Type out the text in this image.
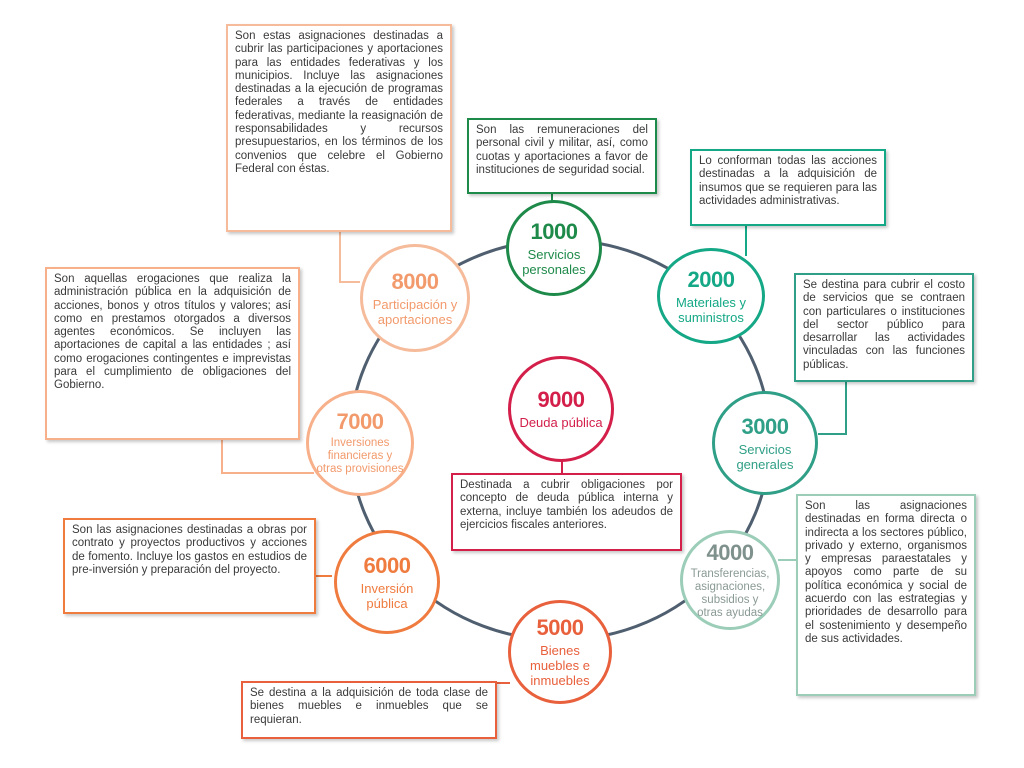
1000
Servicios personales	2000
Materiales y suministros
3000
Servicios generales
4000
Transferencias, asignaciones, subsidios y otras ayudas
5000
Bienes muebles e inmuebles
6000
Inversión pública
7000
Inversiones financieras y otras provisiones
8000
Participación y aportaciones
9000
Deuda pública
Son las remuneraciones del personal civil y militar, así, como cuotas y aportaciones a favor de instituciones de seguridad social.
Lo conforman todas las acciones destinadas a la adquisición de insumos que se requieren para las actividades administrativas.
Se destina para cubrir el costo de servicios que se contraen con particulares o instituciones del sector público para desarrollar las actividades vinculadas con las funciones públicas.
Son las asignaciones destinadas en forma directa o indirecta a los sectores público, privado y externo, organismos y empresas paraestatales y apoyos como parte de su política económica y social de acuerdo con las estrategias y prioridades de desarrollo para el sostenimiento y desempeño de sus actividades.
Se destina a la adquisición de toda clase de bienes muebles e inmuebles que se requieran.
Son las asignaciones destinadas a obras por contrato y proyectos productivos y acciones de fomento. Incluye los gastos en estudios de pre-inversión y preparación del proyecto.
Son aquellas erogaciones que realiza la administración pública en la adquisición de acciones, bonos y otros títulos y valores; así como en prestamos otorgados a diversos agentes económicos. Se incluyen las aportaciones de capital a las entidades ; así como erogaciones contingentes e imprevistas para el cumplimiento de obligaciones del Gobierno.
Son estas asignaciones destinadas a cubrir las participaciones y aportaciones para las entidades federativas y los municipios. Incluye las asignaciones destinadas a la ejecución de programas federales a través de entidades federativas, mediante la reasignación de responsabilidades y recursos presupuestarios, en los términos de los convenios que celebre el Gobierno Federal con éstas.
Destinada a cubrir obligaciones por concepto de deuda pública interna y externa, incluye también los adeudos de ejercicios fiscales anteriores.
